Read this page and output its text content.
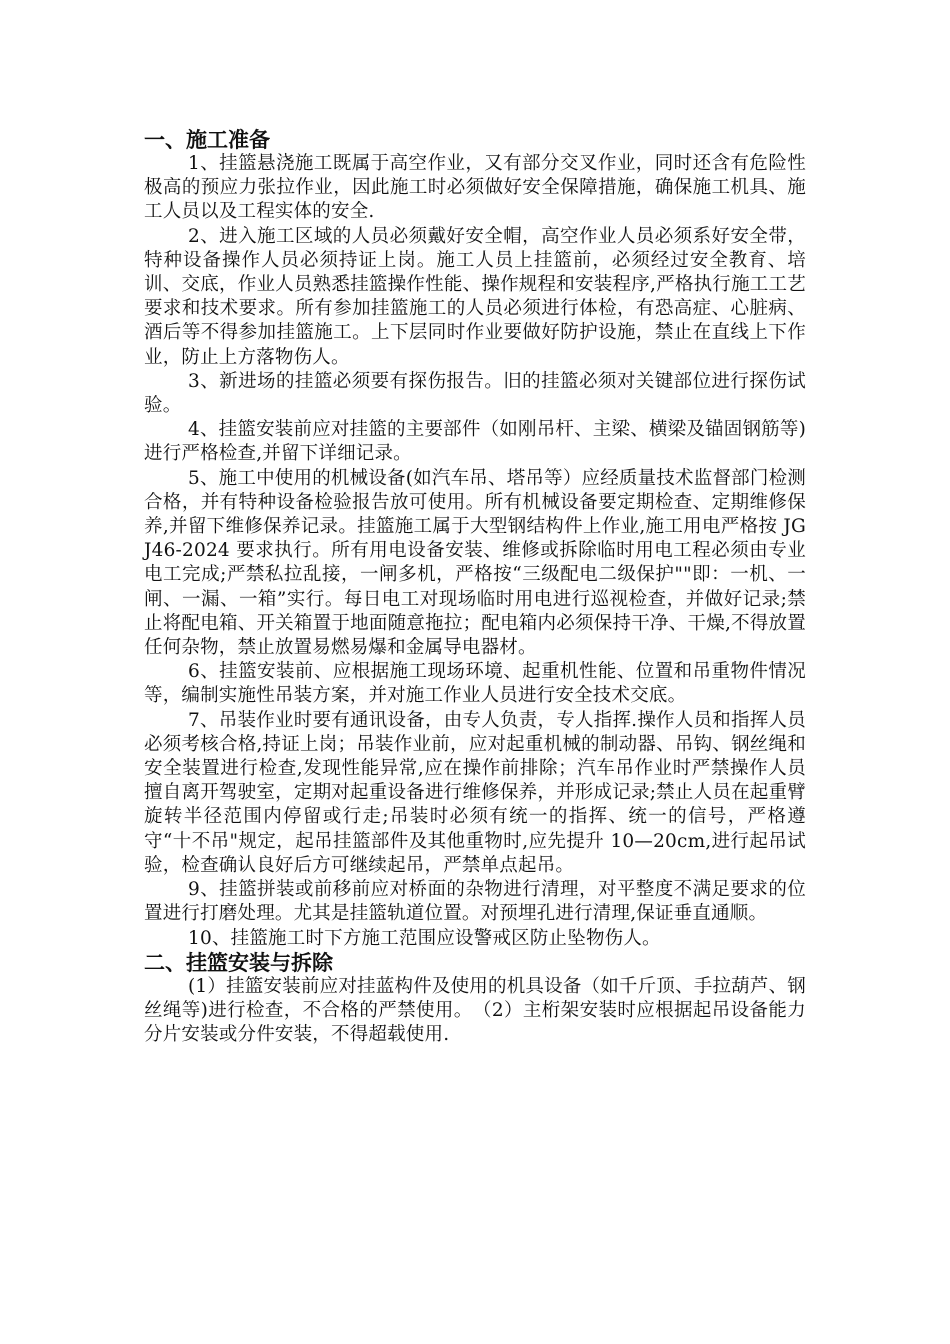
一、施工准备

1、挂篮悬浇施工既属于高空作业，又有部分交叉作业，同时还含有危险性极高的预应力张拉作业，因此施工时必须做好安全保障措施，确保施工机具、施工人员以及工程实体的安全.

2、进入施工区域的人员必须戴好安全帽，高空作业人员必须系好安全带，特种设备操作人员必须持证上岗。施工人员上挂篮前，必须经过安全教育、培训、交底，作业人员熟悉挂篮操作性能、操作规程和安装程序,严格执行施工工艺要求和技术要求。所有参加挂篮施工的人员必须进行体检，有恐高症、心脏病、酒后等不得参加挂篮施工。上下层同时作业要做好防护设施，禁止在直线上下作业，防止上方落物伤人。

3、新进场的挂篮必须要有探伤报告。旧的挂篮必须对关键部位进行探伤试验。

4、挂篮安装前应对挂篮的主要部件（如刚吊杆、主梁、横梁及锚固钢筋等)进行严格检查,并留下详细记录。

5、施工中使用的机械设备(如汽车吊、塔吊等）应经质量技术监督部门检测合格，并有特种设备检验报告放可使用。所有机械设备要定期检查、定期维修保养,并留下维修保养记录。挂篮施工属于大型钢结构件上作业,施工用电严格按 JGJ46-2024 要求执行。所有用电设备安装、维修或拆除临时用电工程必须由专业电工完成;严禁私拉乱接，一闸多机，严格按“三级配电二级保护""即：一机、一闸、一漏、一箱”实行。每日电工对现场临时用电进行巡视检查，并做好记录;禁止将配电箱、开关箱置于地面随意拖拉；配电箱内必须保持干净、干燥,不得放置任何杂物，禁止放置易燃易爆和金属导电器材。

6、挂篮安装前、应根据施工现场环境、起重机性能、位置和吊重物件情况等，编制实施性吊装方案，并对施工作业人员进行安全技术交底。

7、吊装作业时要有通讯设备，由专人负责，专人指挥.操作人员和指挥人员必须考核合格,持证上岗；吊装作业前，应对起重机械的制动器、吊钩、钢丝绳和安全装置进行检查,发现性能异常,应在操作前排除；汽车吊作业时严禁操作人员擅自离开驾驶室，定期对起重设备进行维修保养，并形成记录;禁止人员在起重臂旋转半径范围内停留或行走;吊装时必须有统一的指挥、统一的信号，严格遵守“十不吊"规定，起吊挂篮部件及其他重物时,应先提升 10—20cm,进行起吊试验，检查确认良好后方可继续起吊，严禁单点起吊。

9、挂篮拼装或前移前应对桥面的杂物进行清理，对平整度不满足要求的位置进行打磨处理。尤其是挂篮轨道位置。对预埋孔进行清理,保证垂直通顺。

10、挂篮施工时下方施工范围应设警戒区防止坠物伤人。

二、挂篮安装与拆除

(1）挂篮安装前应对挂蓝构件及使用的机具设备（如千斤顶、手拉葫芦、钢丝绳等)进行检查，不合格的严禁使用。　（2）主桁架安装时应根据起吊设备能力分片安装或分件安装，不得超载使用.
